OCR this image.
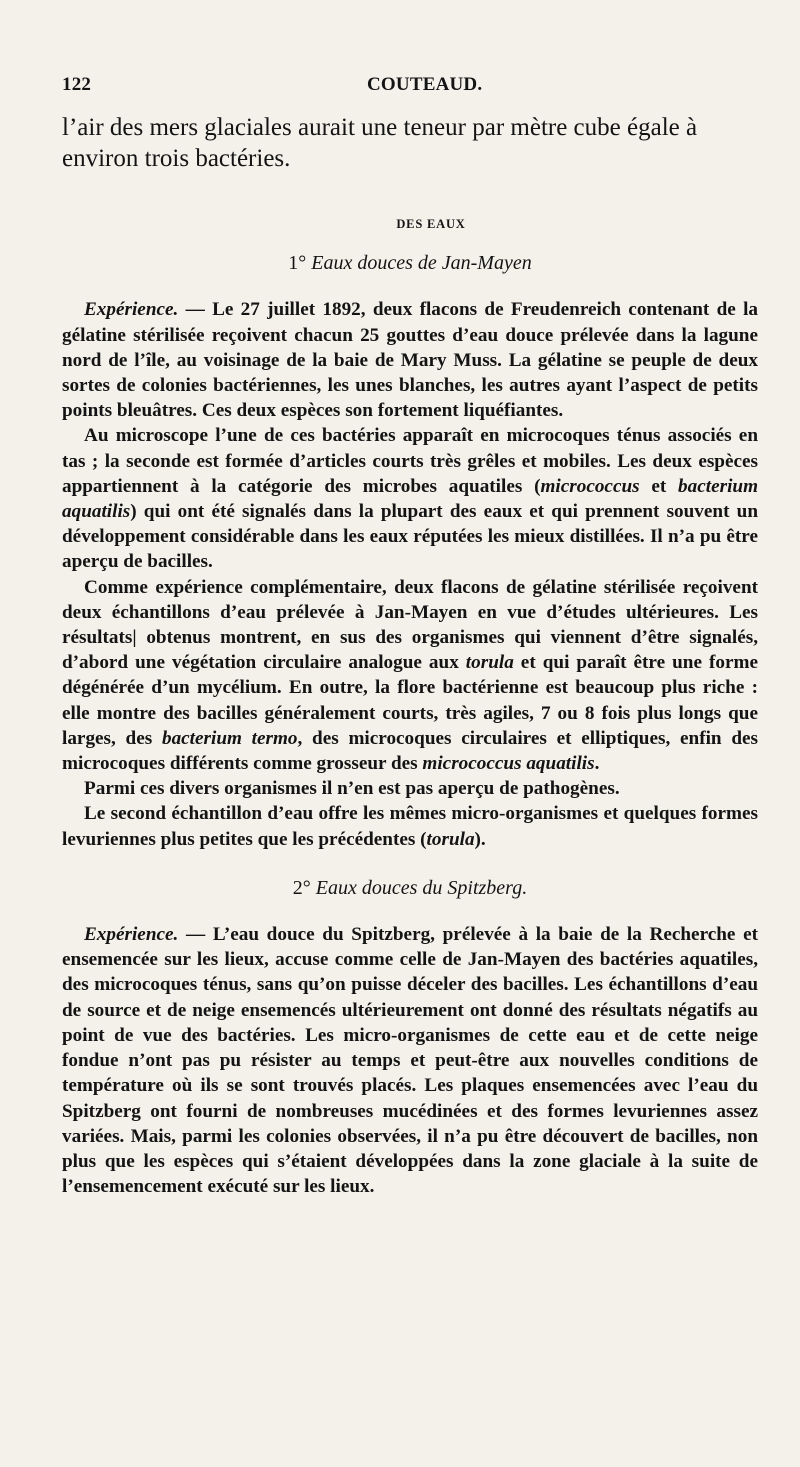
122	COUTEAUD.

l’air des mers glaciales aurait une teneur par mètre cube égale à environ trois bactéries.

DES EAUX

1° Eaux douces de Jan-Mayen

Expérience. — Le 27 juillet 1892, deux flacons de Freudenreich contenant de la gélatine stérilisée reçoivent chacun 25 gouttes d’eau douce prélevée dans la lagune nord de l’île, au voisinage de la baie de Mary Muss. La gélatine se peuple de deux sortes de colonies bactériennes, les unes blanches, les autres ayant l’aspect de petits points bleuâtres. Ces deux espèces son fortement liquéfiantes.

Au microscope l’une de ces bactéries apparaît en microcoques ténus associés en tas ; la seconde est formée d’articles courts très grêles et mobiles. Les deux espèces appartiennent à la catégorie des microbes aquatiles (micrococcus et bacterium aquatilis) qui ont été signalés dans la plupart des eaux et qui prennent souvent un développement considérable dans les eaux réputées les mieux distillées. Il n’a pu être aperçu de bacilles.

Comme expérience complémentaire, deux flacons de gélatine stérilisée reçoivent deux échantillons d’eau prélevée à Jan-Mayen en vue d’études ultérieures. Les résultats| obtenus montrent, en sus des organismes qui viennent d’être signalés, d’abord une végétation circulaire analogue aux torula et qui paraît être une forme dégénérée d’un mycélium. En outre, la flore bactérienne est beaucoup plus riche : elle montre des bacilles généralement courts, très agiles, 7 ou 8 fois plus longs que larges, des bacterium termo, des microcoques circulaires et elliptiques, enfin des microcoques différents comme grosseur des micrococcus aquatilis.

Parmi ces divers organismes il n’en est pas aperçu de pathogènes.

Le second échantillon d’eau offre les mêmes micro-organismes et quelques formes levuriennes plus petites que les précédentes (torula).

2° Eaux douces du Spitzberg.

Expérience. — L’eau douce du Spitzberg, prélevée à la baie de la Recherche et ensemencée sur les lieux, accuse comme celle de Jan-Mayen des bactéries aquatiles, des microcoques ténus, sans qu’on puisse déceler des bacilles. Les échantillons d’eau de source et de neige ensemencés ultérieurement ont donné des résultats négatifs au point de vue des bactéries. Les micro-organismes de cette eau et de cette neige fondue n’ont pas pu résister au temps et peut-être aux nouvelles conditions de température où ils se sont trouvés placés. Les plaques ensemencées avec l’eau du Spitzberg ont fourni de nombreuses mucédinées et des formes levuriennes assez variées. Mais, parmi les colonies observées, il n’a pu être découvert de bacilles, non plus que les espèces qui s’étaient développées dans la zone glaciale à la suite de l’ensemencement exécuté sur les lieux.
